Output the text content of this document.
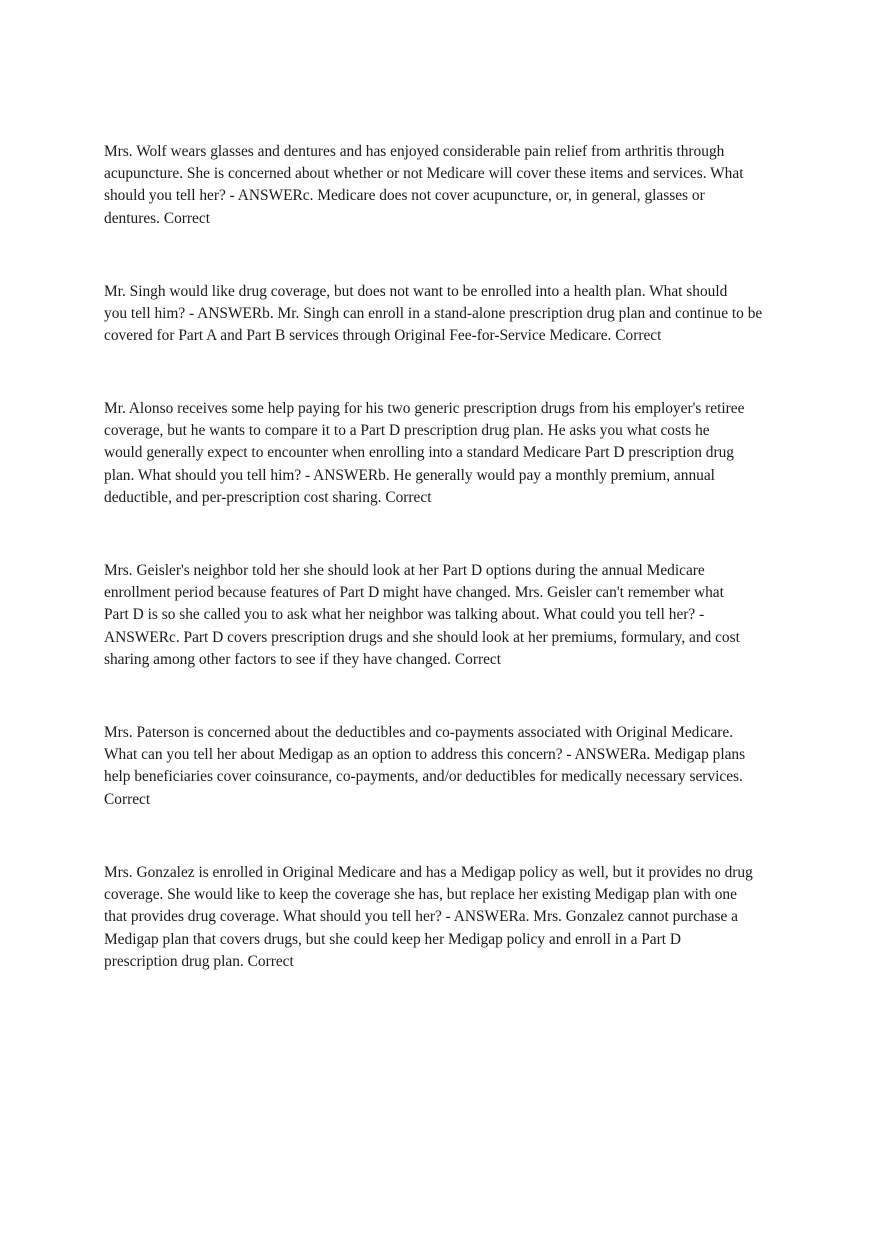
Mrs. Wolf wears glasses and dentures and has enjoyed considerable pain relief from arthritis through
acupuncture. She is concerned about whether or not Medicare will cover these items and services. What
should you tell her? - ANSWERc. Medicare does not cover acupuncture, or, in general, glasses or
dentures. Correct

Mr. Singh would like drug coverage, but does not want to be enrolled into a health plan. What should
you tell him? - ANSWERb. Mr. Singh can enroll in a stand-alone prescription drug plan and continue to be
covered for Part A and Part B services through Original Fee-for-Service Medicare. Correct

Mr. Alonso receives some help paying for his two generic prescription drugs from his employer's retiree
coverage, but he wants to compare it to a Part D prescription drug plan. He asks you what costs he
would generally expect to encounter when enrolling into a standard Medicare Part D prescription drug
plan. What should you tell him? - ANSWERb. He generally would pay a monthly premium, annual
deductible, and per-prescription cost sharing. Correct

Mrs. Geisler's neighbor told her she should look at her Part D options during the annual Medicare
enrollment period because features of Part D might have changed. Mrs. Geisler can't remember what
Part D is so she called you to ask what her neighbor was talking about. What could you tell her? -
ANSWERc. Part D covers prescription drugs and she should look at her premiums, formulary, and cost
sharing among other factors to see if they have changed. Correct

Mrs. Paterson is concerned about the deductibles and co-payments associated with Original Medicare.
What can you tell her about Medigap as an option to address this concern? - ANSWERa. Medigap plans
help beneficiaries cover coinsurance, co-payments, and/or deductibles for medically necessary services.
Correct

Mrs. Gonzalez is enrolled in Original Medicare and has a Medigap policy as well, but it provides no drug
coverage. She would like to keep the coverage she has, but replace her existing Medigap plan with one
that provides drug coverage. What should you tell her? - ANSWERa. Mrs. Gonzalez cannot purchase a
Medigap plan that covers drugs, but she could keep her Medigap policy and enroll in a Part D
prescription drug plan. Correct
